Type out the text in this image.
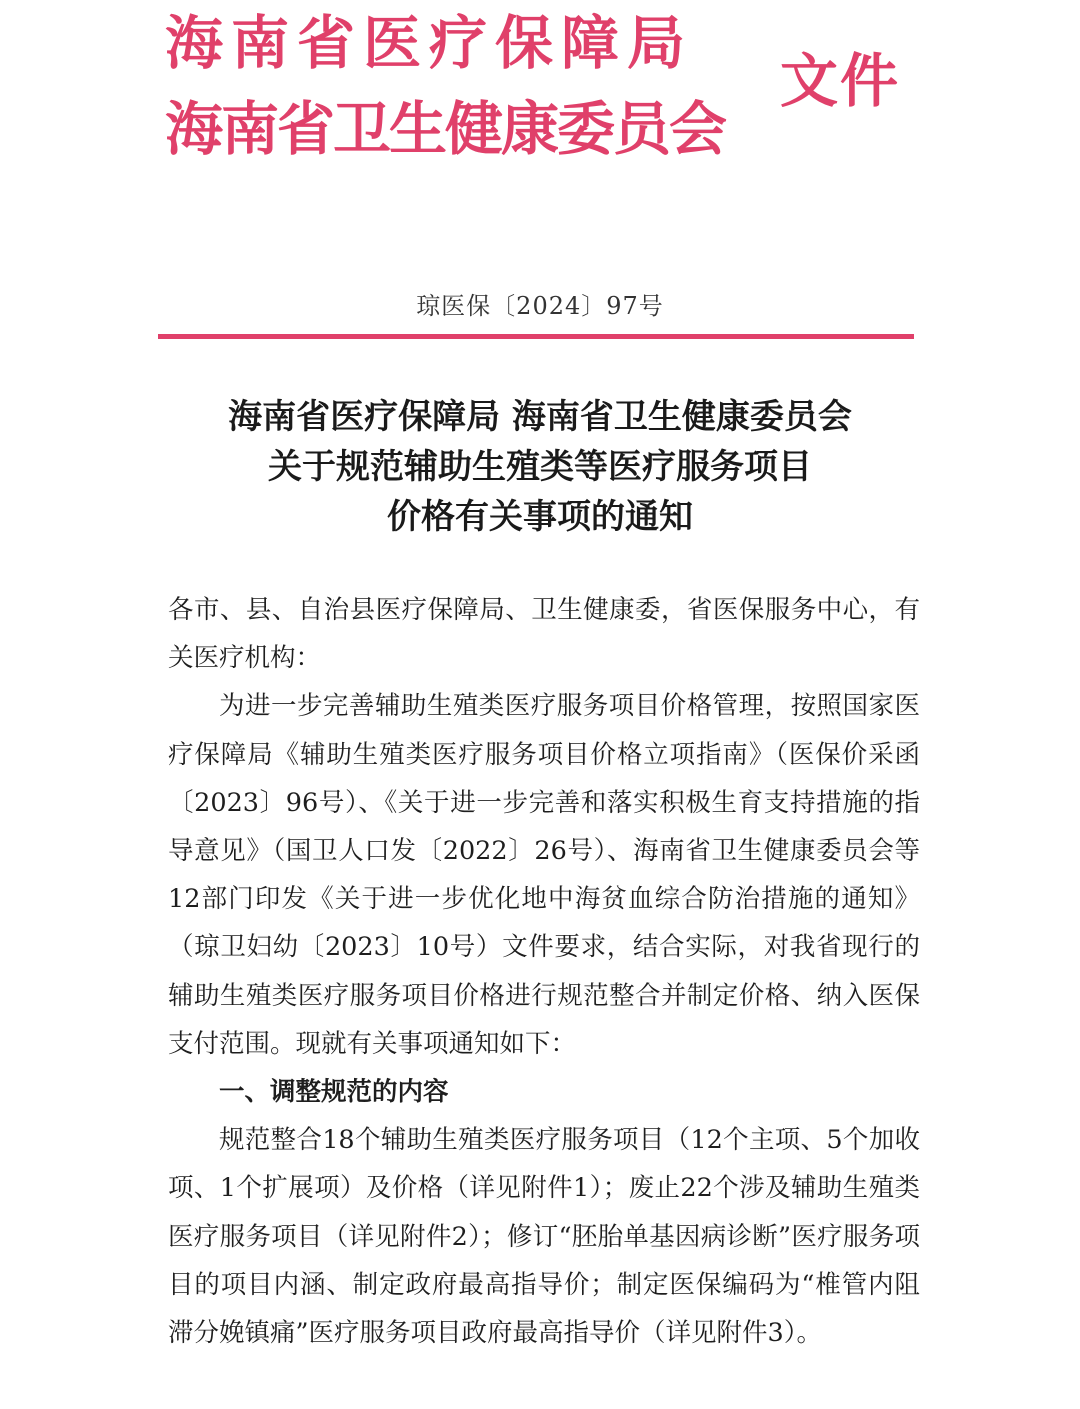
海南省医疗保障局
海南省卫生健康委员会
文件
琼医保〔2024〕97号
海南省医疗保障局 海南省卫生健康委员会
关于规范辅助生殖类等医疗服务项目
价格有关事项的通知

各市、县、自治县医疗保障局、卫生健康委，省医保服务中心，有关医疗机构：

为进一步完善辅助生殖类医疗服务项目价格管理，按照国家医疗保障局《辅助生殖类医疗服务项目价格立项指南》（医保价采函〔2023〕96号）、《关于进一步完善和落实积极生育支持措施的指导意见》（国卫人口发〔2022〕26号）、海南省卫生健康委员会等12部门印发《关于进一步优化地中海贫血综合防治措施的通知》（琼卫妇幼〔2023〕10号）文件要求，结合实际，对我省现行的辅助生殖类医疗服务项目价格进行规范整合并制定价格、纳入医保支付范围。现就有关事项通知如下：

一、调整规范的内容

规范整合18个辅助生殖类医疗服务项目（12个主项、5个加收项、1个扩展项）及价格（详见附件1）；废止22个涉及辅助生殖类医疗服务项目（详见附件2）；修订“胚胎单基因病诊断”医疗服务项目的项目内涵、制定政府最高指导价；制定医保编码为“椎管内阻滞分娩镇痛”医疗服务项目政府最高指导价（详见附件3）。
